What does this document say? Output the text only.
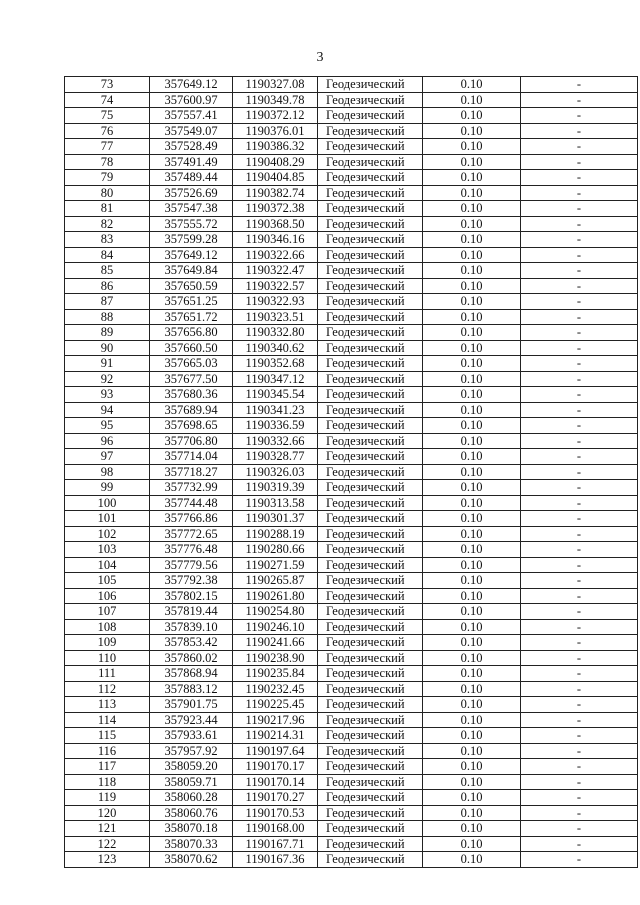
3
73	357649.12	1190327.08	Геодезический	0.10	-
74	357600.97	1190349.78	Геодезический	0.10	-
75	357557.41	1190372.12	Геодезический	0.10	-
76	357549.07	1190376.01	Геодезический	0.10	-
77	357528.49	1190386.32	Геодезический	0.10	-
78	357491.49	1190408.29	Геодезический	0.10	-
79	357489.44	1190404.85	Геодезический	0.10	-
80	357526.69	1190382.74	Геодезический	0.10	-
81	357547.38	1190372.38	Геодезический	0.10	-
82	357555.72	1190368.50	Геодезический	0.10	-
83	357599.28	1190346.16	Геодезический	0.10	-
84	357649.12	1190322.66	Геодезический	0.10	-
85	357649.84	1190322.47	Геодезический	0.10	-
86	357650.59	1190322.57	Геодезический	0.10	-
87	357651.25	1190322.93	Геодезический	0.10	-
88	357651.72	1190323.51	Геодезический	0.10	-
89	357656.80	1190332.80	Геодезический	0.10	-
90	357660.50	1190340.62	Геодезический	0.10	-
91	357665.03	1190352.68	Геодезический	0.10	-
92	357677.50	1190347.12	Геодезический	0.10	-
93	357680.36	1190345.54	Геодезический	0.10	-
94	357689.94	1190341.23	Геодезический	0.10	-
95	357698.65	1190336.59	Геодезический	0.10	-
96	357706.80	1190332.66	Геодезический	0.10	-
97	357714.04	1190328.77	Геодезический	0.10	-
98	357718.27	1190326.03	Геодезический	0.10	-
99	357732.99	1190319.39	Геодезический	0.10	-
100	357744.48	1190313.58	Геодезический	0.10	-
101	357766.86	1190301.37	Геодезический	0.10	-
102	357772.65	1190288.19	Геодезический	0.10	-
103	357776.48	1190280.66	Геодезический	0.10	-
104	357779.56	1190271.59	Геодезический	0.10	-
105	357792.38	1190265.87	Геодезический	0.10	-
106	357802.15	1190261.80	Геодезический	0.10	-
107	357819.44	1190254.80	Геодезический	0.10	-
108	357839.10	1190246.10	Геодезический	0.10	-
109	357853.42	1190241.66	Геодезический	0.10	-
110	357860.02	1190238.90	Геодезический	0.10	-
111	357868.94	1190235.84	Геодезический	0.10	-
112	357883.12	1190232.45	Геодезический	0.10	-
113	357901.75	1190225.45	Геодезический	0.10	-
114	357923.44	1190217.96	Геодезический	0.10	-
115	357933.61	1190214.31	Геодезический	0.10	-
116	357957.92	1190197.64	Геодезический	0.10	-
117	358059.20	1190170.17	Геодезический	0.10	-
118	358059.71	1190170.14	Геодезический	0.10	-
119	358060.28	1190170.27	Геодезический	0.10	-
120	358060.76	1190170.53	Геодезический	0.10	-
121	358070.18	1190168.00	Геодезический	0.10	-
122	358070.33	1190167.71	Геодезический	0.10	-
123	358070.62	1190167.36	Геодезический	0.10	-
